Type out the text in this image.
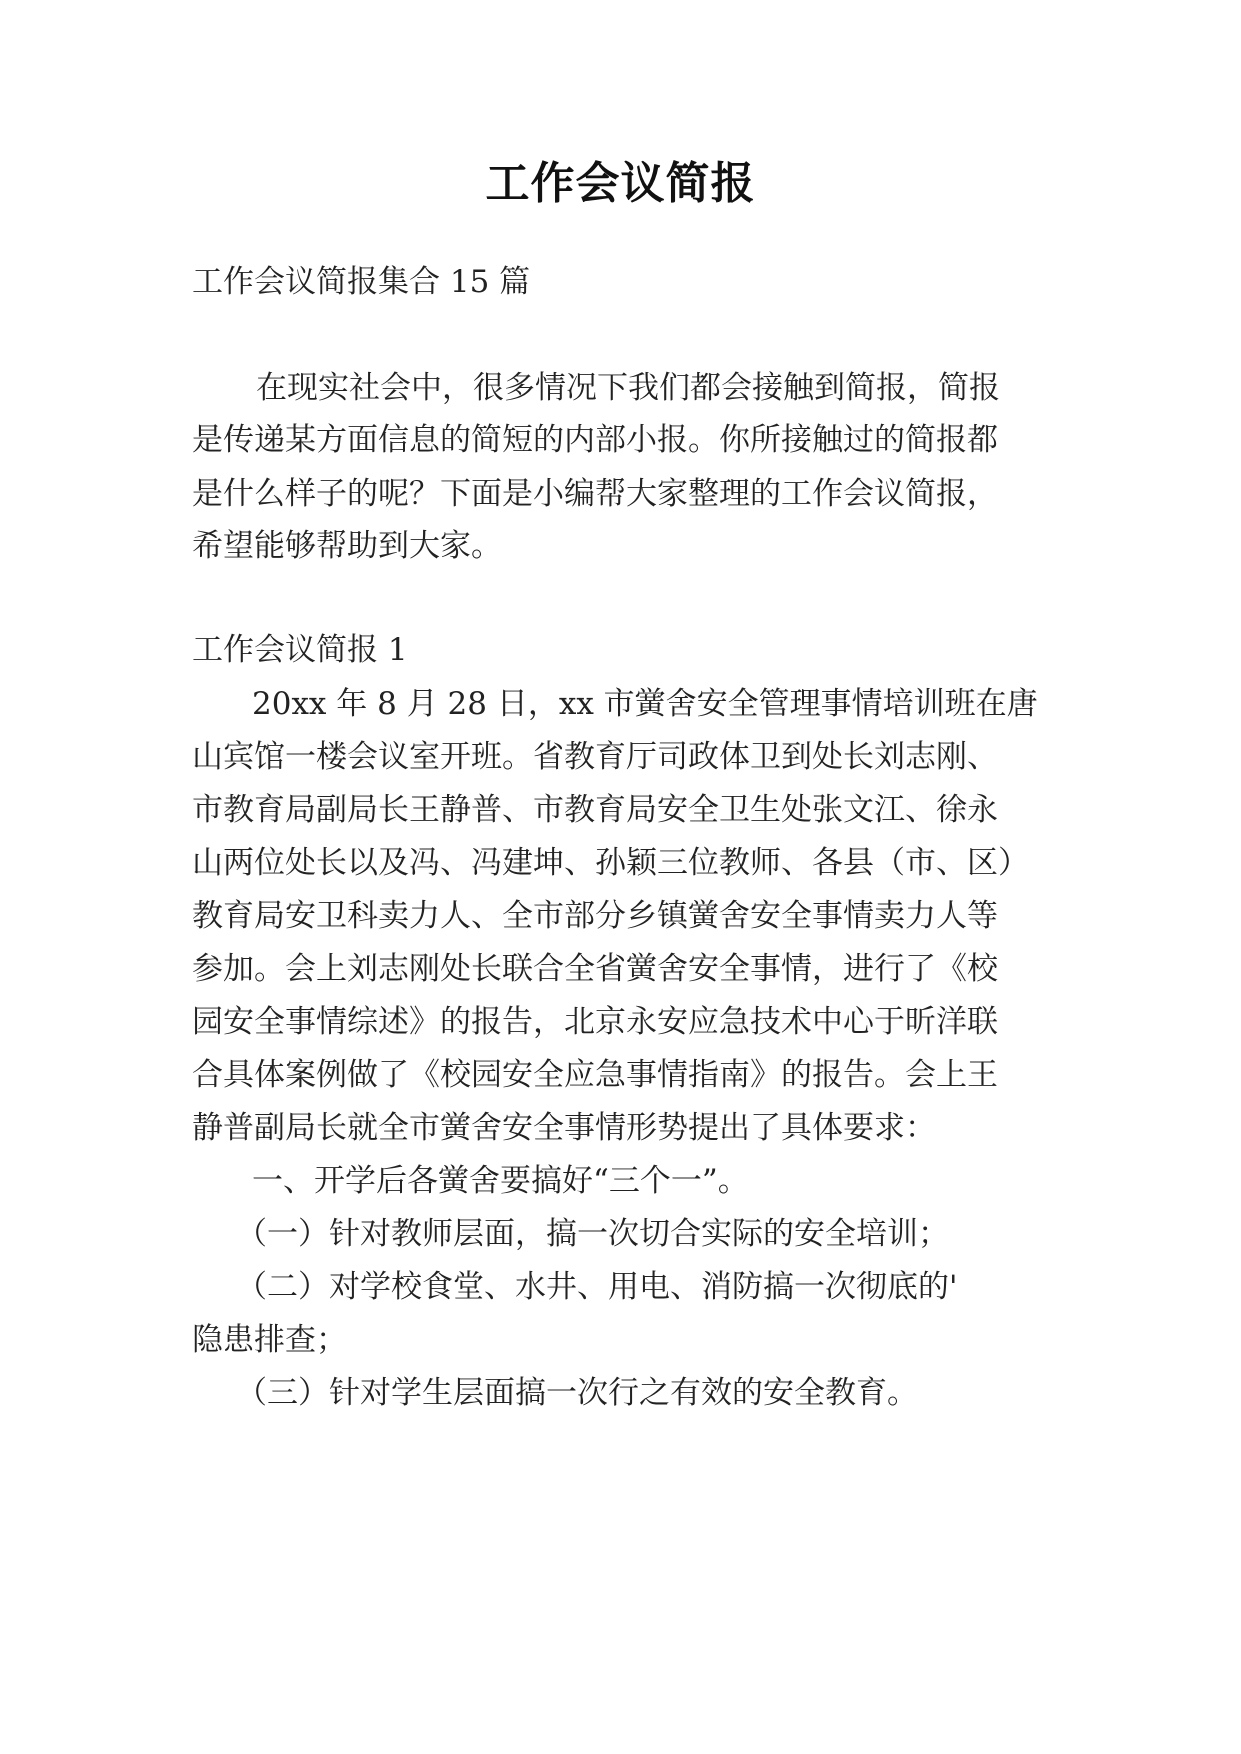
工作会议简报
工作会议简报集合 15 篇
在现实社会中，很多情况下我们都会接触到简报，简报
是传递某方面信息的简短的内部小报。你所接触过的简报都
是什么样子的呢？下面是小编帮大家整理的工作会议简报，
希望能够帮助到大家。
工作会议简报 1
20xx 年 8 月 28 日，xx 市黉舍安全管理事情培训班在唐
山宾馆一楼会议室开班。省教育厅司政体卫到处长刘志刚、
市教育局副局长王静普、市教育局安全卫生处张文江、徐永
山两位处长以及冯、冯建坤、孙颖三位教师、各县（市、区）
教育局安卫科卖力人、全市部分乡镇黉舍安全事情卖力人等
参加。会上刘志刚处长联合全省黉舍安全事情，进行了《校
园安全事情综述》的报告，北京永安应急技术中心于昕洋联
合具体案例做了《校园安全应急事情指南》的报告。会上王
静普副局长就全市黉舍安全事情形势提出了具体要求：
一、开学后各黉舍要搞好“三个一”。
（一）针对教师层面，搞一次切合实际的安全培训；
（二）对学校食堂、水井、用电、消防搞一次彻底的'
隐患排查；
（三）针对学生层面搞一次行之有效的安全教育。
